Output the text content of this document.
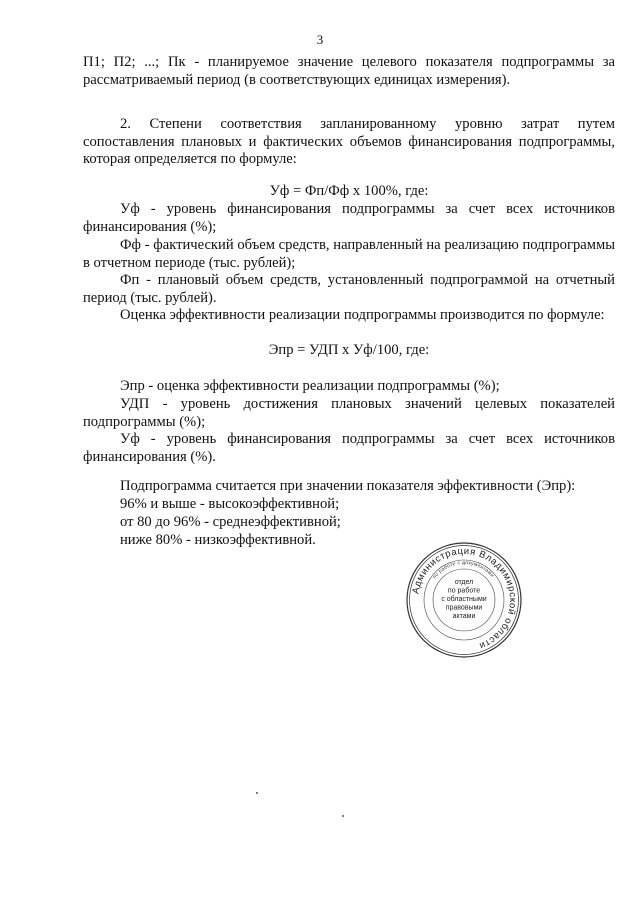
3

П1; П2; ...; Пк - планируемое значение целевого показателя подпрограммы за рассматриваемый период (в соответствующих единицах измерения).

2. Степени соответствия запланированному уровню затрат путем сопоставления плановых и фактических объемов финансирования подпрограммы, которая определяется по формуле:

Уф = Фп/Фф х 100%, где:

Уф - уровень финансирования подпрограммы за счет всех источников финансирования (%);

Фф - фактический объем средств, направленный на реализацию подпрограммы в отчетном периоде (тыс. рублей);

Фп - плановый объем средств, установленный подпрограммой на отчетный период (тыс. рублей).

Оценка эффективности реализации подпрограммы производится по формуле:

Эпр = УДП х Уф/100, где:

Эпр - оценка эффективности реализации подпрограммы (%);

УДП - уровень достижения плановых значений целевых показателей подпрограммы (%);

Уф - уровень финансирования подпрограммы за счет всех источников финансирования (%).

Подпрограмма считается при значении показателя эффективности (Эпр):

96% и выше - высокоэффективной;

от 80 до 96% - среднеэффективной;

ниже 80% - низкоэффективной.

Администрация Владимирской области
по работе с документами
отдел
по работе
с областными
правовыми
актами
